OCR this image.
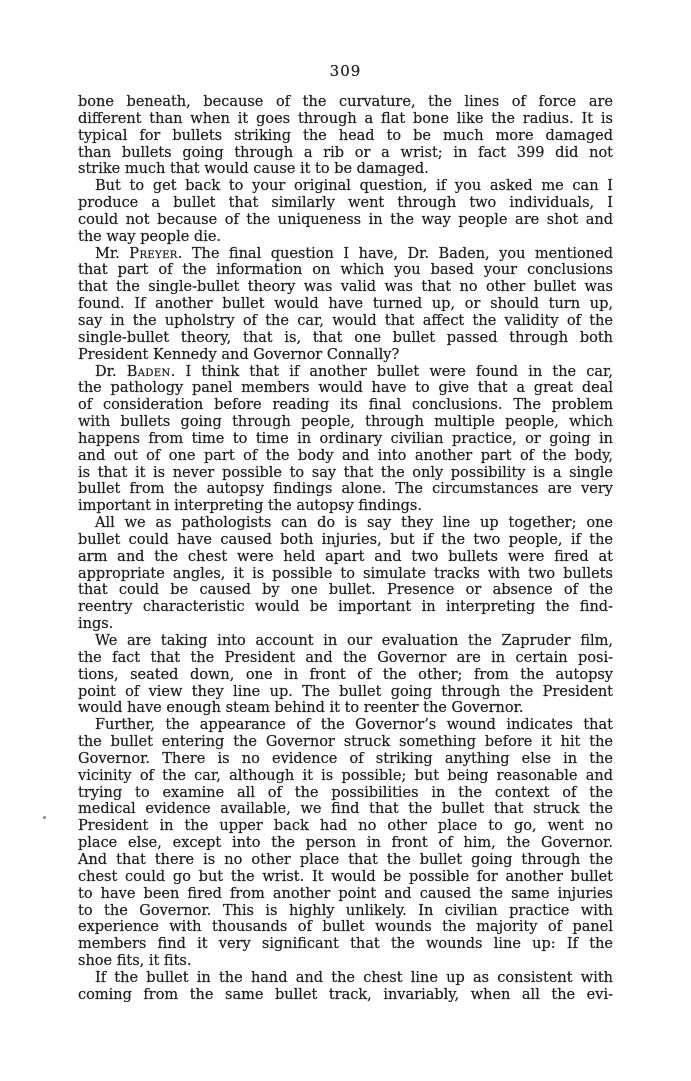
309
bone beneath, because of the curvature, the lines of force are
different than when it goes through a flat bone like the radius. It is
typical for bullets striking the head to be much more damaged
than bullets going through a rib or a wrist; in fact 399 did not
strike much that would cause it to be damaged.
But to get back to your original question, if you asked me can I
produce a bullet that similarly went through two individuals, I
could not because of the uniqueness in the way people are shot and
the way people die.
Mr. Preyer. The final question I have, Dr. Baden, you mentioned
that part of the information on which you based your conclusions
that the single-bullet theory was valid was that no other bullet was
found. If another bullet would have turned up, or should turn up,
say in the upholstry of the car, would that affect the validity of the
single-bullet theory, that is, that one bullet passed through both
President Kennedy and Governor Connally?
Dr. Baden. I think that if another bullet were found in the car,
the pathology panel members would have to give that a great deal
of consideration before reading its final conclusions. The problem
with bullets going through people, through multiple people, which
happens from time to time in ordinary civilian practice, or going in
and out of one part of the body and into another part of the body,
is that it is never possible to say that the only possibility is a single
bullet from the autopsy findings alone. The circumstances are very
important in interpreting the autopsy findings.
All we as pathologists can do is say they line up together; one
bullet could have caused both injuries, but if the two people, if the
arm and the chest were held apart and two bullets were fired at
appropriate angles, it is possible to simulate tracks with two bullets
that could be caused by one bullet. Presence or absence of the
reentry characteristic would be important in interpreting the find-
ings.
We are taking into account in our evaluation the Zapruder film,
the fact that the President and the Governor are in certain posi-
tions, seated down, one in front of the other; from the autopsy
point of view they line up. The bullet going through the President
would have enough steam behind it to reenter the Governor.
Further, the appearance of the Governor’s wound indicates that
the bullet entering the Governor struck something before it hit the
Governor. There is no evidence of striking anything else in the
vicinity of the car, although it is possible; but being reasonable and
trying to examine all of the possibilities in the context of the
medical evidence available, we find that the bullet that struck the
President in the upper back had no other place to go, went no
place else, except into the person in front of him, the Governor.
And that there is no other place that the bullet going through the
chest could go but the wrist. It would be possible for another bullet
to have been fired from another point and caused the same injuries
to the Governor. This is highly unlikely. In civilian practice with
experience with thousands of bullet wounds the majority of panel
members find it very significant that the wounds line up: If the
shoe fits, it fits.
If the bullet in the hand and the chest line up as consistent with
coming from the same bullet track, invariably, when all the evi-
